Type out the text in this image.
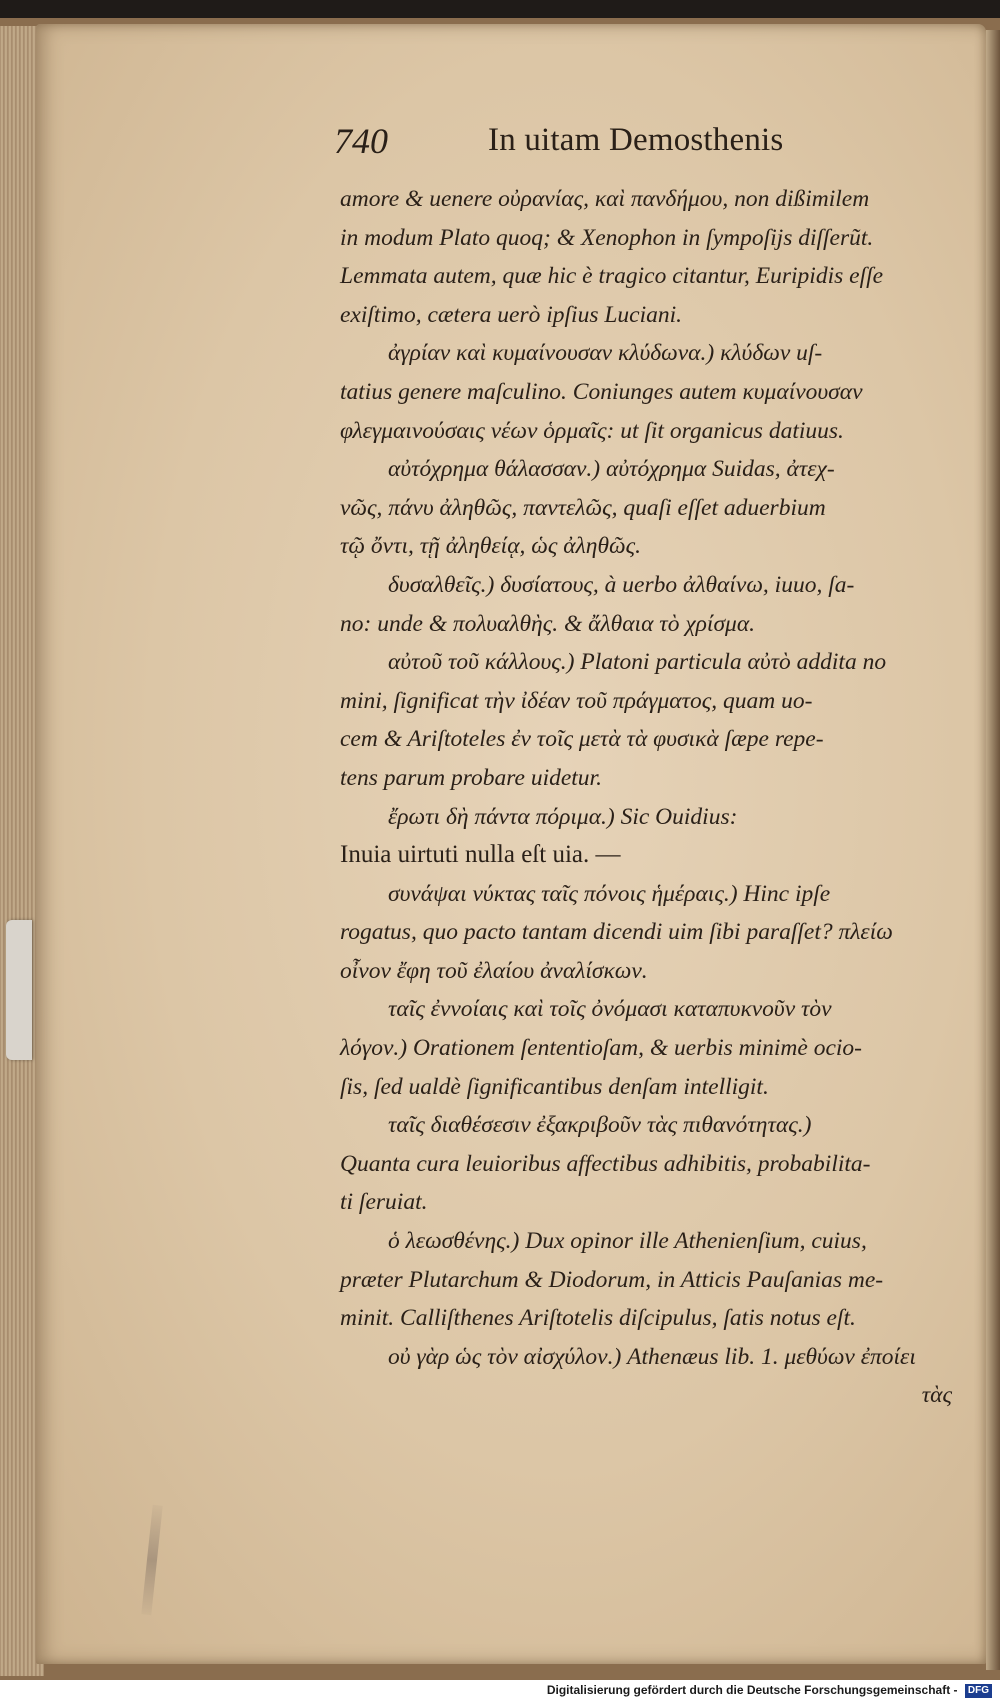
740	In uitam Demosthenis
amore & uenere οὐρανίας, καὶ πανδήμου, non dißimilem
in modum Plato quoq; & Xenophon in ſympoſijs diſſerũt.
Lemmata autem, quæ hic è tragico citantur, Euripidis eſſe
exiſtimo, cætera uerò ipſius Luciani.
ἀγρίαν καὶ κυμαίνουσαν κλύδωνα.) κλύδων uſ-
tatius genere maſculino. Coniunges autem κυμαίνουσαν
φλεγμαινούσαις νέων ὁρμαῖς: ut ſit organicus datiuus.
αὐτόχρημα θάλασσαν.) αὐτόχρημα Suidas, ἀτεχ-
νῶς, πάνυ ἀληθῶς, παντελῶς, quaſi eſſet aduerbium
τῷ ὄντι, τῇ ἀληθείᾳ, ὡς ἀληθῶς.
δυσαλθεῖς.) δυσίατους, à uerbo ἀλθαίνω, iuuo, ſa-
no: unde & πολυαλθὴς. & ἄλθαια τὸ χρίσμα.
αὐτοῦ τοῦ κάλλους.) Platoni particula αὐτὸ addita no
mini, ſignificat τὴν ἰδέαν τοῦ πράγματος, quam uo-
cem & Ariſtoteles ἐν τοῖς μετὰ τὰ φυσικὰ ſæpe repe-
tens parum probare uidetur.
ἔρωτι δὴ πάντα πόριμα.) Sic Ouidius:
Inuia uirtuti nulla eſt uia. —
συνάψαι νύκτας ταῖς πόνοις ἡμέραις.) Hinc ipſe
rogatus, quo pacto tantam dicendi uim ſibi paraſſet? πλείω
οἶνον ἔφη τοῦ ἐλαίου ἀναλίσκων.
ταῖς ἐννοίαις καὶ τοῖς ὀνόμασι καταπυκνοῦν τὸν
λόγον.) Orationem ſententioſam, & uerbis minimè ocio-
ſis, ſed ualdè ſignificantibus denſam intelligit.
ταῖς διαθέσεσιν ἐξακριβοῦν τὰς πιθανότητας.)
Quanta cura leuioribus affectibus adhibitis, probabilita-
ti ſeruiat.
ὁ λεωσθένης.) Dux opinor ille Athenienſium, cuius,
præter Plutarchum & Diodorum, in Atticis Pauſanias me-
minit. Calliſthenes Ariſtotelis diſcipulus, ſatis notus eſt.
οὐ γὰρ ὡς τὸν αἰσχύλον.) Athenæus lib. 1. μεθύων ἐποίει
τὰς
Digitalisierung gefördert durch die Deutsche Forschungsgemeinschaft - DFG
